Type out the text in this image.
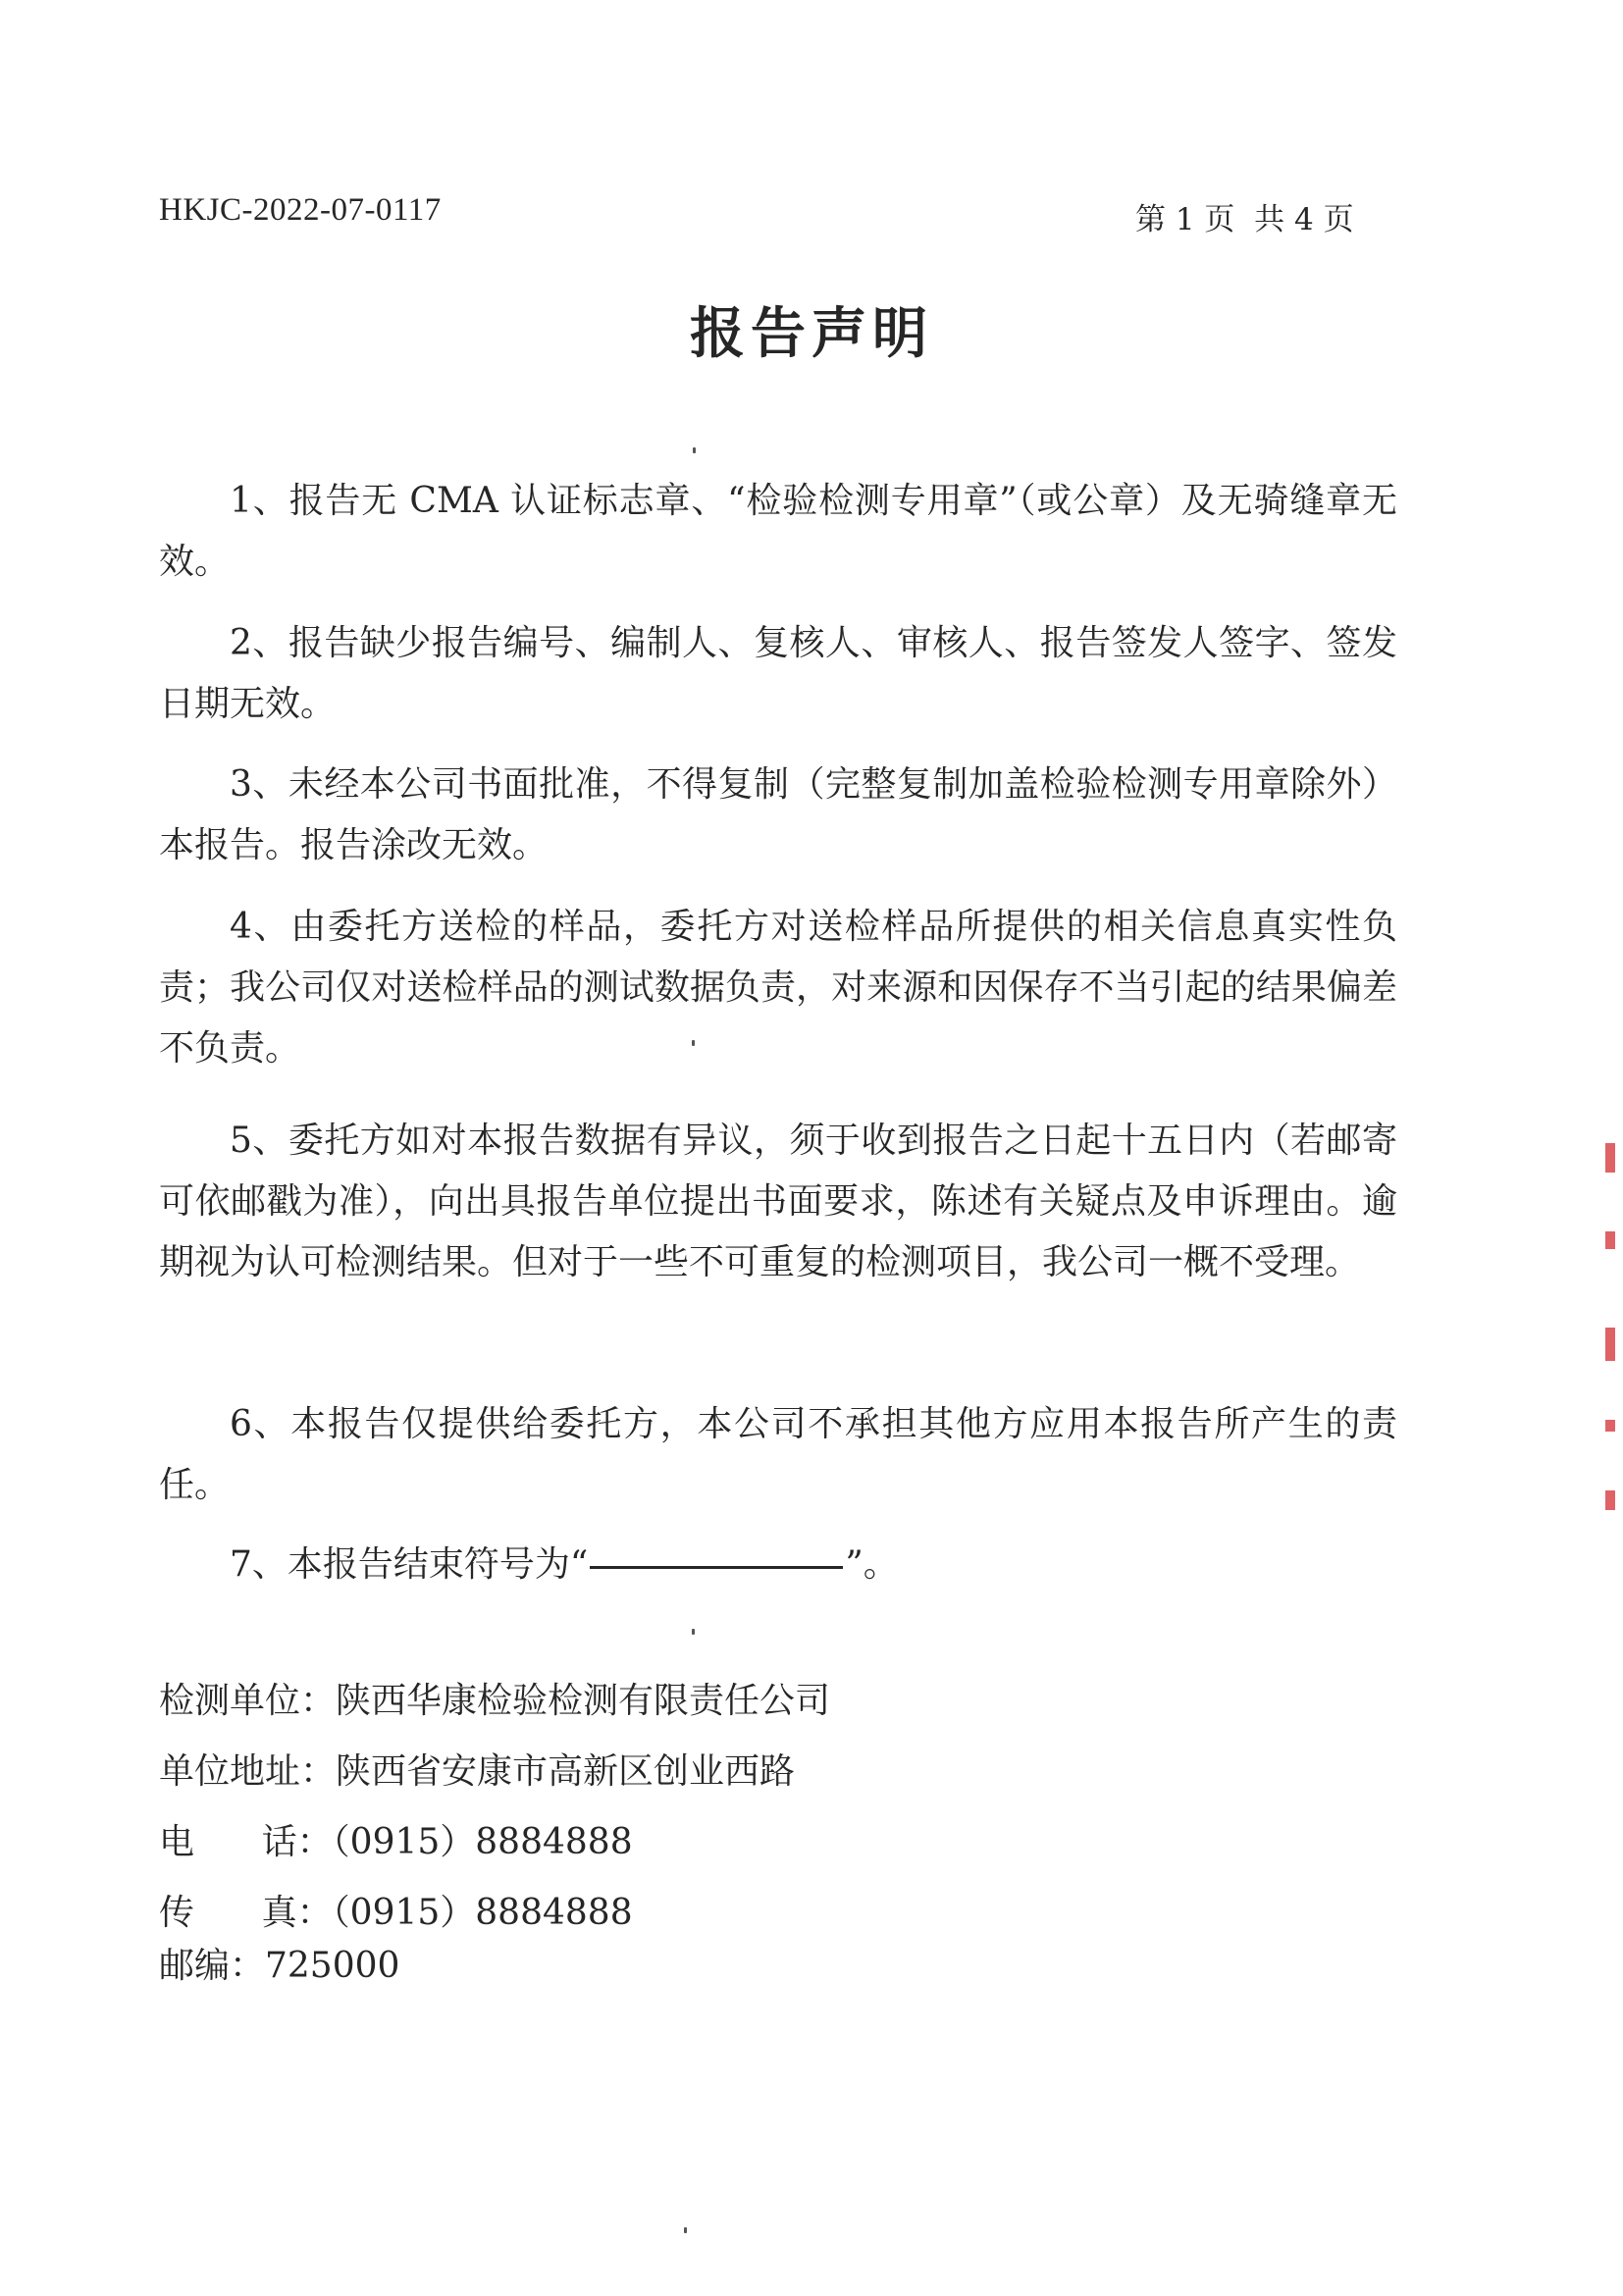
HKJC-2022-07-0117	第 1 页  共 4 页
报告声明

1、报告无 CMA 认证标志章、“检验检测专用章”（或公章）及无骑缝章无效。

2、报告缺少报告编号、编制人、复核人、审核人、报告签发人签字、签发日期无效。

3、未经本公司书面批准，不得复制（完整复制加盖检验检测专用章除外）本报告。报告涂改无效。

4、由委托方送检的样品，委托方对送检样品所提供的相关信息真实性负责；我公司仅对送检样品的测试数据负责，对来源和因保存不当引起的结果偏差不负责。

5、委托方如对本报告数据有异议，须于收到报告之日起十五日内（若邮寄可依邮戳为准），向出具报告单位提出书面要求，陈述有关疑点及申诉理由。逾期视为认可检测结果。但对于一些不可重复的检测项目，我公司一概不受理。

6、本报告仅提供给委托方，本公司不承担其他方应用本报告所产生的责任。

7、本报告结束符号为“	”。
检测单位：陕西华康检验检测有限责任公司
单位地址：陕西省安康市高新区创业西路
电      话：（0915）8884888
传      真：（0915）8884888
邮编：725000
